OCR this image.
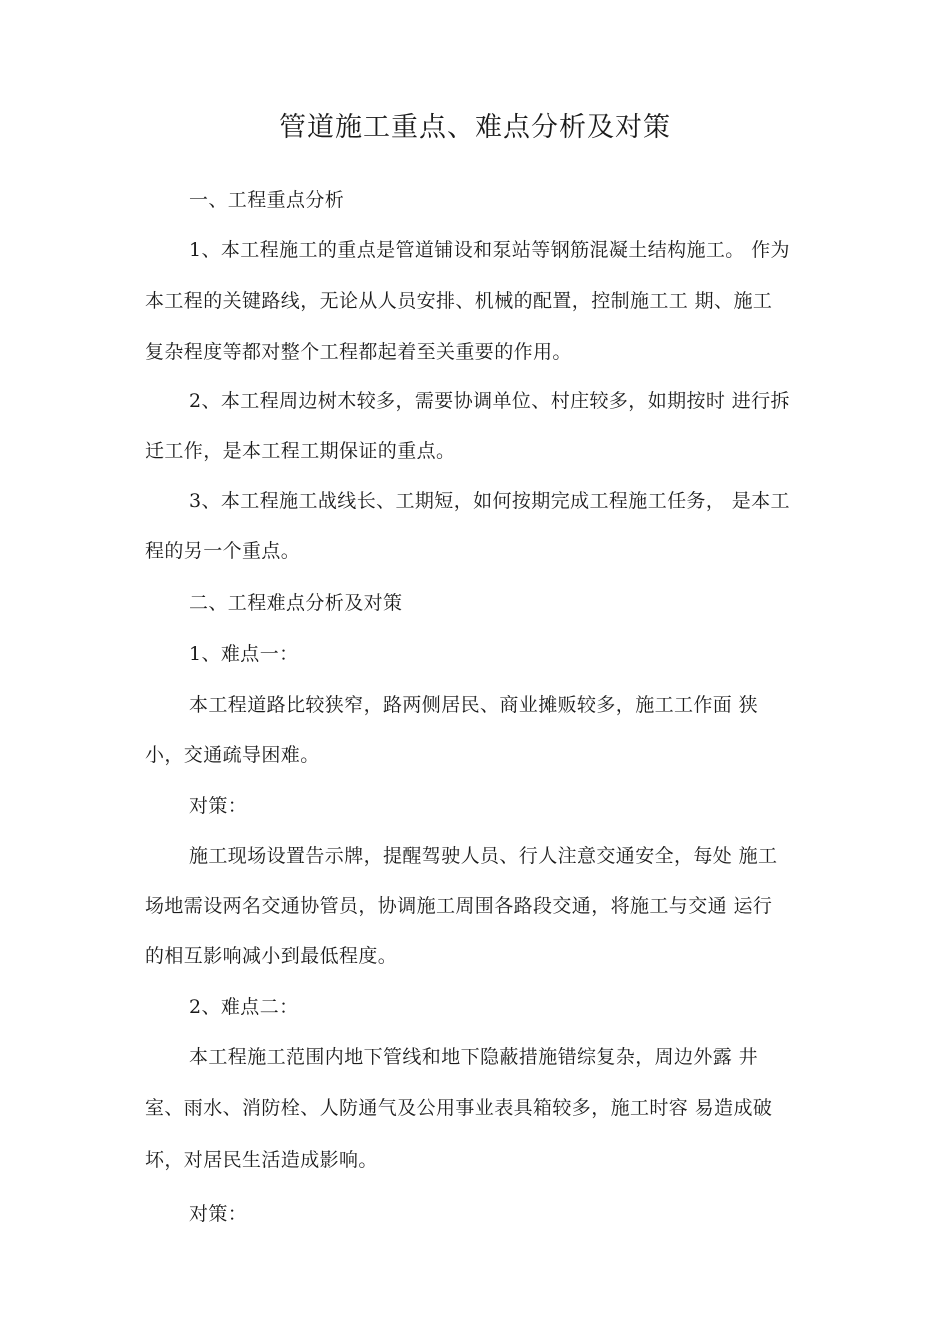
管道施工重点、难点分析及对策
一、工程重点分析
1、本工程施工的重点是管道铺设和泵站等钢筋混凝土结构施工。 作为
本工程的关键路线，无论从人员安排、机械的配置，控制施工工 期、施工
复杂程度等都对整个工程都起着至关重要的作用。
2、本工程周边树木较多，需要协调单位、村庄较多，如期按时 进行拆
迁工作，是本工程工期保证的重点。
3、本工程施工战线长、工期短，如何按期完成工程施工任务， 是本工
程的另一个重点。
二、工程难点分析及对策
1、难点一：
本工程道路比较狭窄，路两侧居民、商业摊贩较多，施工工作面 狭
小，交通疏导困难。
对策：
施工现场设置告示牌，提醒驾驶人员、行人注意交通安全，每处 施工
场地需设两名交通协管员，协调施工周围各路段交通，将施工与交通 运行
的相互影响减小到最低程度。
2、难点二：
本工程施工范围内地下管线和地下隐蔽措施错综复杂，周边外露 井
室、雨水、消防栓、人防通气及公用事业表具箱较多，施工时容 易造成破
坏，对居民生活造成影响。
对策：
